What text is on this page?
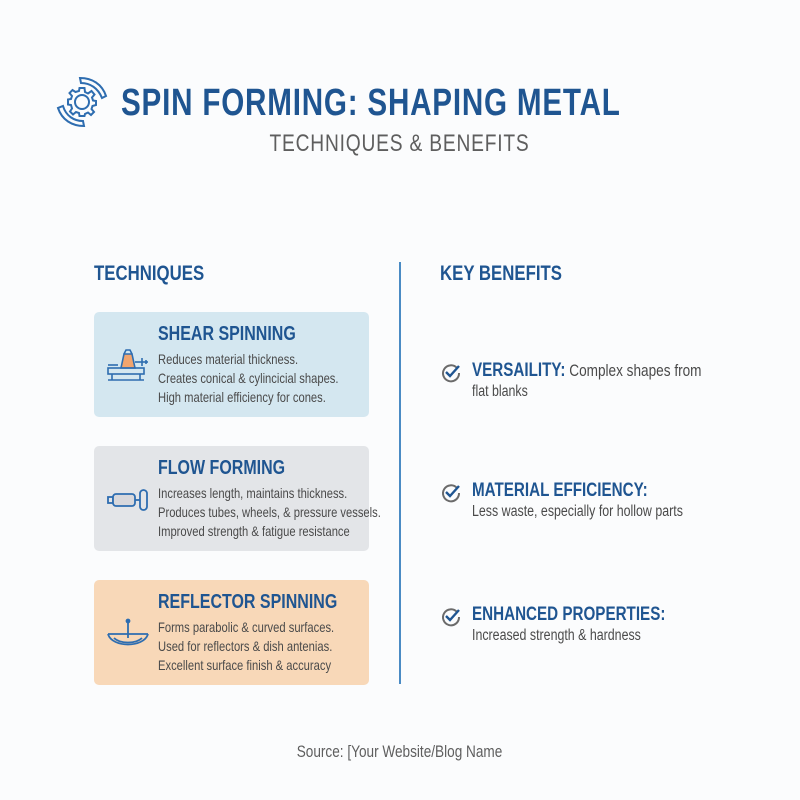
SPIN FORMING: SHAPING METAL
TECHNIQUES & BENEFITS
TECHNIQUES	KEY BENEFITS
SHEAR SPINNING
Reduces material thickness.
Creates conical & cylincicial shapes.
High material efficiency for cones.
FLOW FORMING
Increases length, maintains thickness.
Produces tubes, wheels, & pressure vessels.
Improved strength & fatigue resistance
REFLECTOR SPINNING
Forms parabolic & curved surfaces.
Used for reflectors & dish antenias.
Excellent surface finish & accuracy
VERSAILITY: Complex shapes from
flat blanks
MATERIAL EFFICIENCY:
Less waste, especially for hollow parts
ENHANCED PROPERTIES:
Increased strength & hardness
Source: [Your Website/Blog Name
